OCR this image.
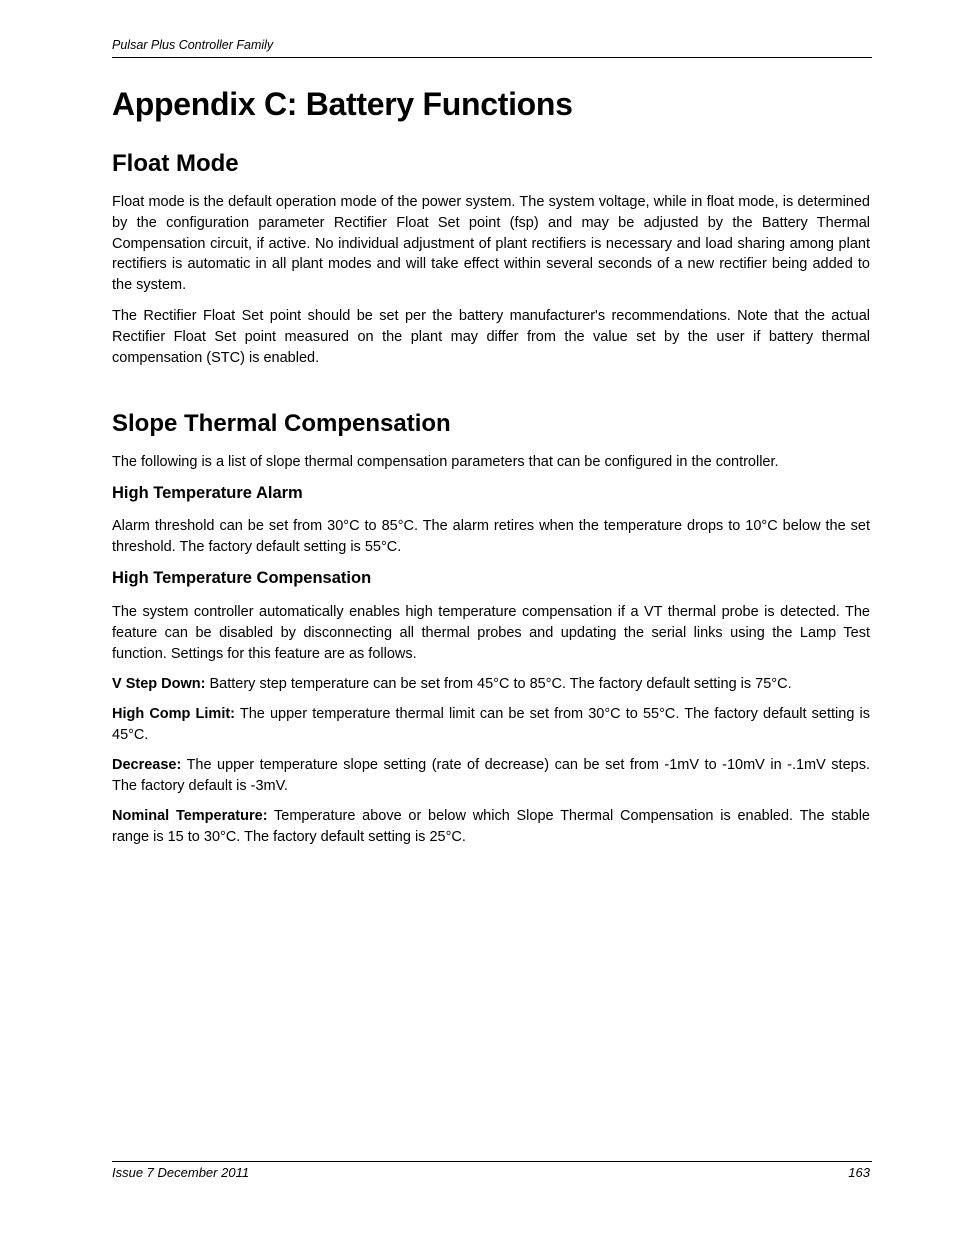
Pulsar Plus Controller Family
Appendix C: Battery Functions
Float Mode

Float mode is the default operation mode of the power system. The system voltage, while in float mode, is determined by the configuration parameter Rectifier Float Set point (fsp) and may be adjusted by the Battery Thermal Compensation circuit, if active. No individual adjustment of plant rectifiers is necessary and load sharing among plant rectifiers is automatic in all plant modes and will take effect within several seconds of a new rectifier being added to the system.

The Rectifier Float Set point should be set per the battery manufacturer's recommendations. Note that the actual Rectifier Float Set point measured on the plant may differ from the value set by the user if battery thermal compensation (STC) is enabled.

Slope Thermal Compensation

The following is a list of slope thermal compensation parameters that can be configured in the controller.

High Temperature Alarm

Alarm threshold can be set from 30°C to 85°C. The alarm retires when the temperature drops to 10°C below the set threshold. The factory default setting is 55°C.

High Temperature Compensation

The system controller automatically enables high temperature compensation if a VT thermal probe is detected. The feature can be disabled by disconnecting all thermal probes and updating the serial links using the Lamp Test function. Settings for this feature are as follows.

V Step Down: Battery step temperature can be set from 45°C to 85°C. The factory default setting is 75°C.

High Comp Limit: The upper temperature thermal limit can be set from 30°C to 55°C. The factory default setting is 45°C.

Decrease: The upper temperature slope setting (rate of decrease) can be set from -1mV to -10mV in -.1mV steps. The factory default is -3mV.

Nominal Temperature: Temperature above or below which Slope Thermal Compensation is enabled. The stable range is 15 to 30°C. The factory default setting is 25°C.

Issue 7 December 2011	163
